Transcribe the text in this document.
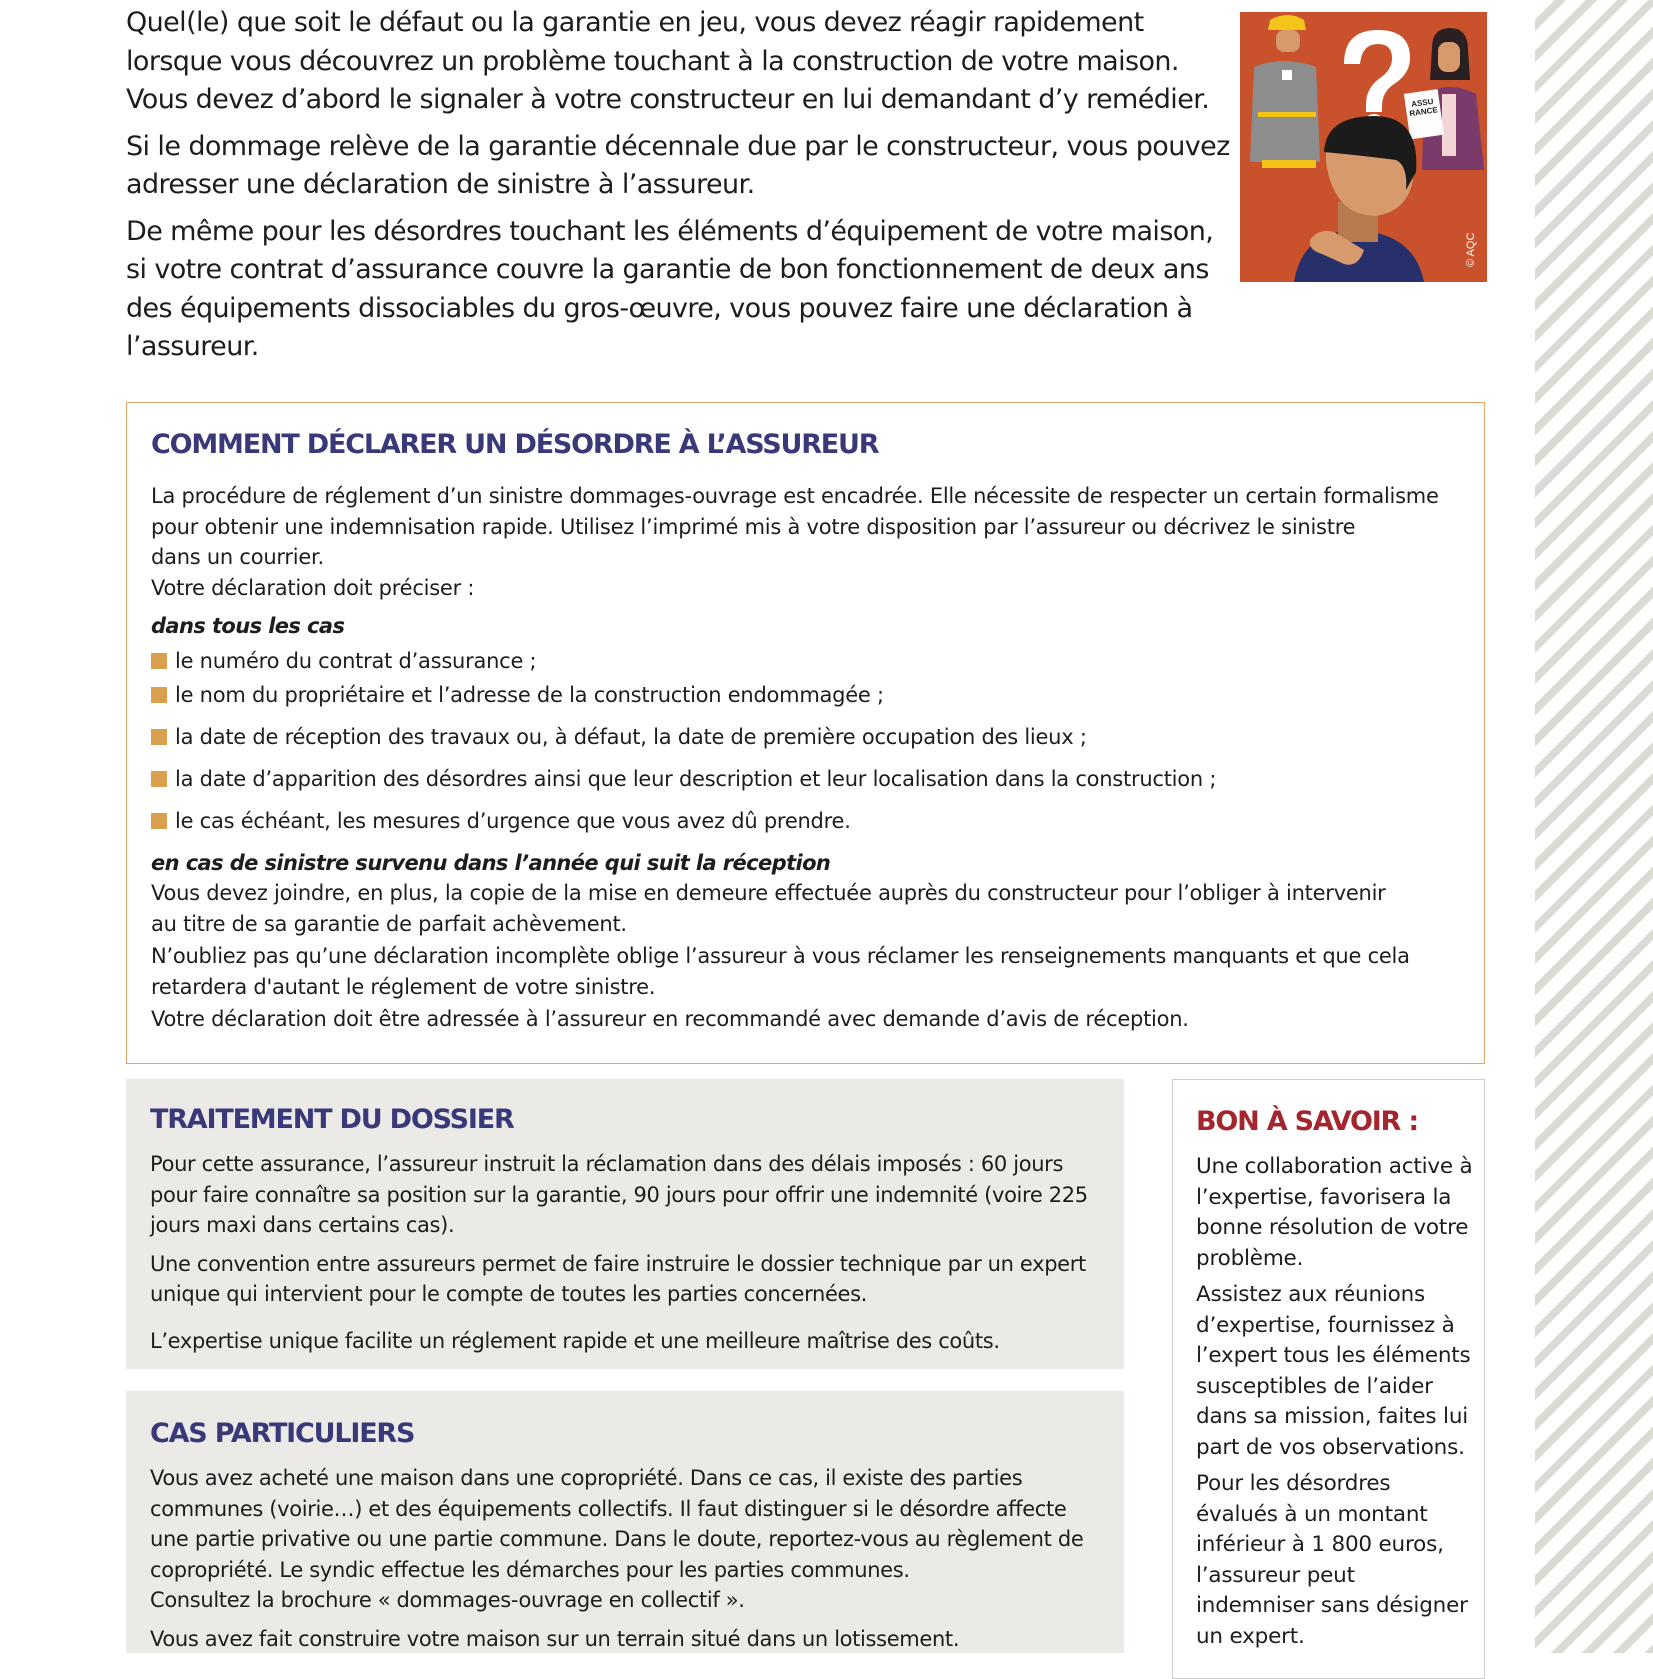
Quel(le) que soit le défaut ou la garantie en jeu, vous devez réagir rapidement lorsque vous découvrez un problème touchant à la construction de votre maison.

Vous devez d’abord le signaler à votre constructeur en lui demandant d’y remédier.

Si le dommage relève de la garantie décennale due par le constructeur, vous pouvez adresser une déclaration de sinistre à l’assureur.

De même pour les désordres touchant les éléments d’équipement de votre maison, si votre contrat d’assurance couvre la garantie de bon fonctionnement de deux ans des équipements dissociables du gros-œuvre, vous pouvez faire une déclaration à l’assureur.

ASSU
RANCE
© AQC
COMMENT DÉCLARER UN DÉSORDRE À L’ASSUREUR

La procédure de réglement d’un sinistre dommages-ouvrage est encadrée. Elle nécessite de respecter un certain formalisme

pour obtenir une indemnisation rapide. Utilisez l’imprimé mis à votre disposition par l’assureur ou décrivez le sinistre

dans un courrier.

Votre déclaration doit préciser :

dans tous les cas

le numéro du contrat d’assurance ;
le nom du propriétaire et l’adresse de la construction endommagée ;
la date de réception des travaux ou, à défaut, la date de première occupation des lieux ;
la date d’apparition des désordres ainsi que leur description et leur localisation dans la construction ;
le cas échéant, les mesures d’urgence que vous avez dû prendre.

en cas de sinistre survenu dans l’année qui suit la réception

Vous devez joindre, en plus, la copie de la mise en demeure effectuée auprès du constructeur pour l’obliger à intervenir

au titre de sa garantie de parfait achèvement.

N’oubliez pas qu’une déclaration incomplète oblige l’assureur à vous réclamer les renseignements manquants et que cela

retardera d'autant le réglement de votre sinistre.

Votre déclaration doit être adressée à l’assureur en recommandé avec demande d’avis de réception.

TRAITEMENT DU DOSSIER

Pour cette assurance, l’assureur instruit la réclamation dans des délais imposés : 60 jours pour faire connaître sa position sur la garantie, 90 jours pour offrir une indemnité (voire 225 jours maxi dans certains cas).

Une convention entre assureurs permet de faire instruire le dossier technique par un expert unique qui intervient pour le compte de toutes les parties concernées.

L’expertise unique facilite un réglement rapide et une meilleure maîtrise des coûts.

CAS PARTICULIERS

Vous avez acheté une maison dans une copropriété. Dans ce cas, il existe des parties communes (voirie…) et des équipements collectifs. Il faut distinguer si le désordre affecte une partie privative ou une partie commune. Dans le doute, reportez-vous au règlement de copropriété. Le syndic effectue les démarches pour les parties communes.

Consultez la brochure « dommages-ouvrage en collectif ».

Vous avez fait construire votre maison sur un terrain situé dans un lotissement.

BON À SAVOIR :

Une collaboration active à l’expertise, favorisera la bonne résolution de votre problème.

Assistez aux réunions d’expertise, fournissez à l’expert tous les éléments susceptibles de l’aider dans sa mission, faites lui part de vos observations.

Pour les désordres évalués à un montant inférieur à 1 800 euros, l’assureur peut indemniser sans désigner un expert.
